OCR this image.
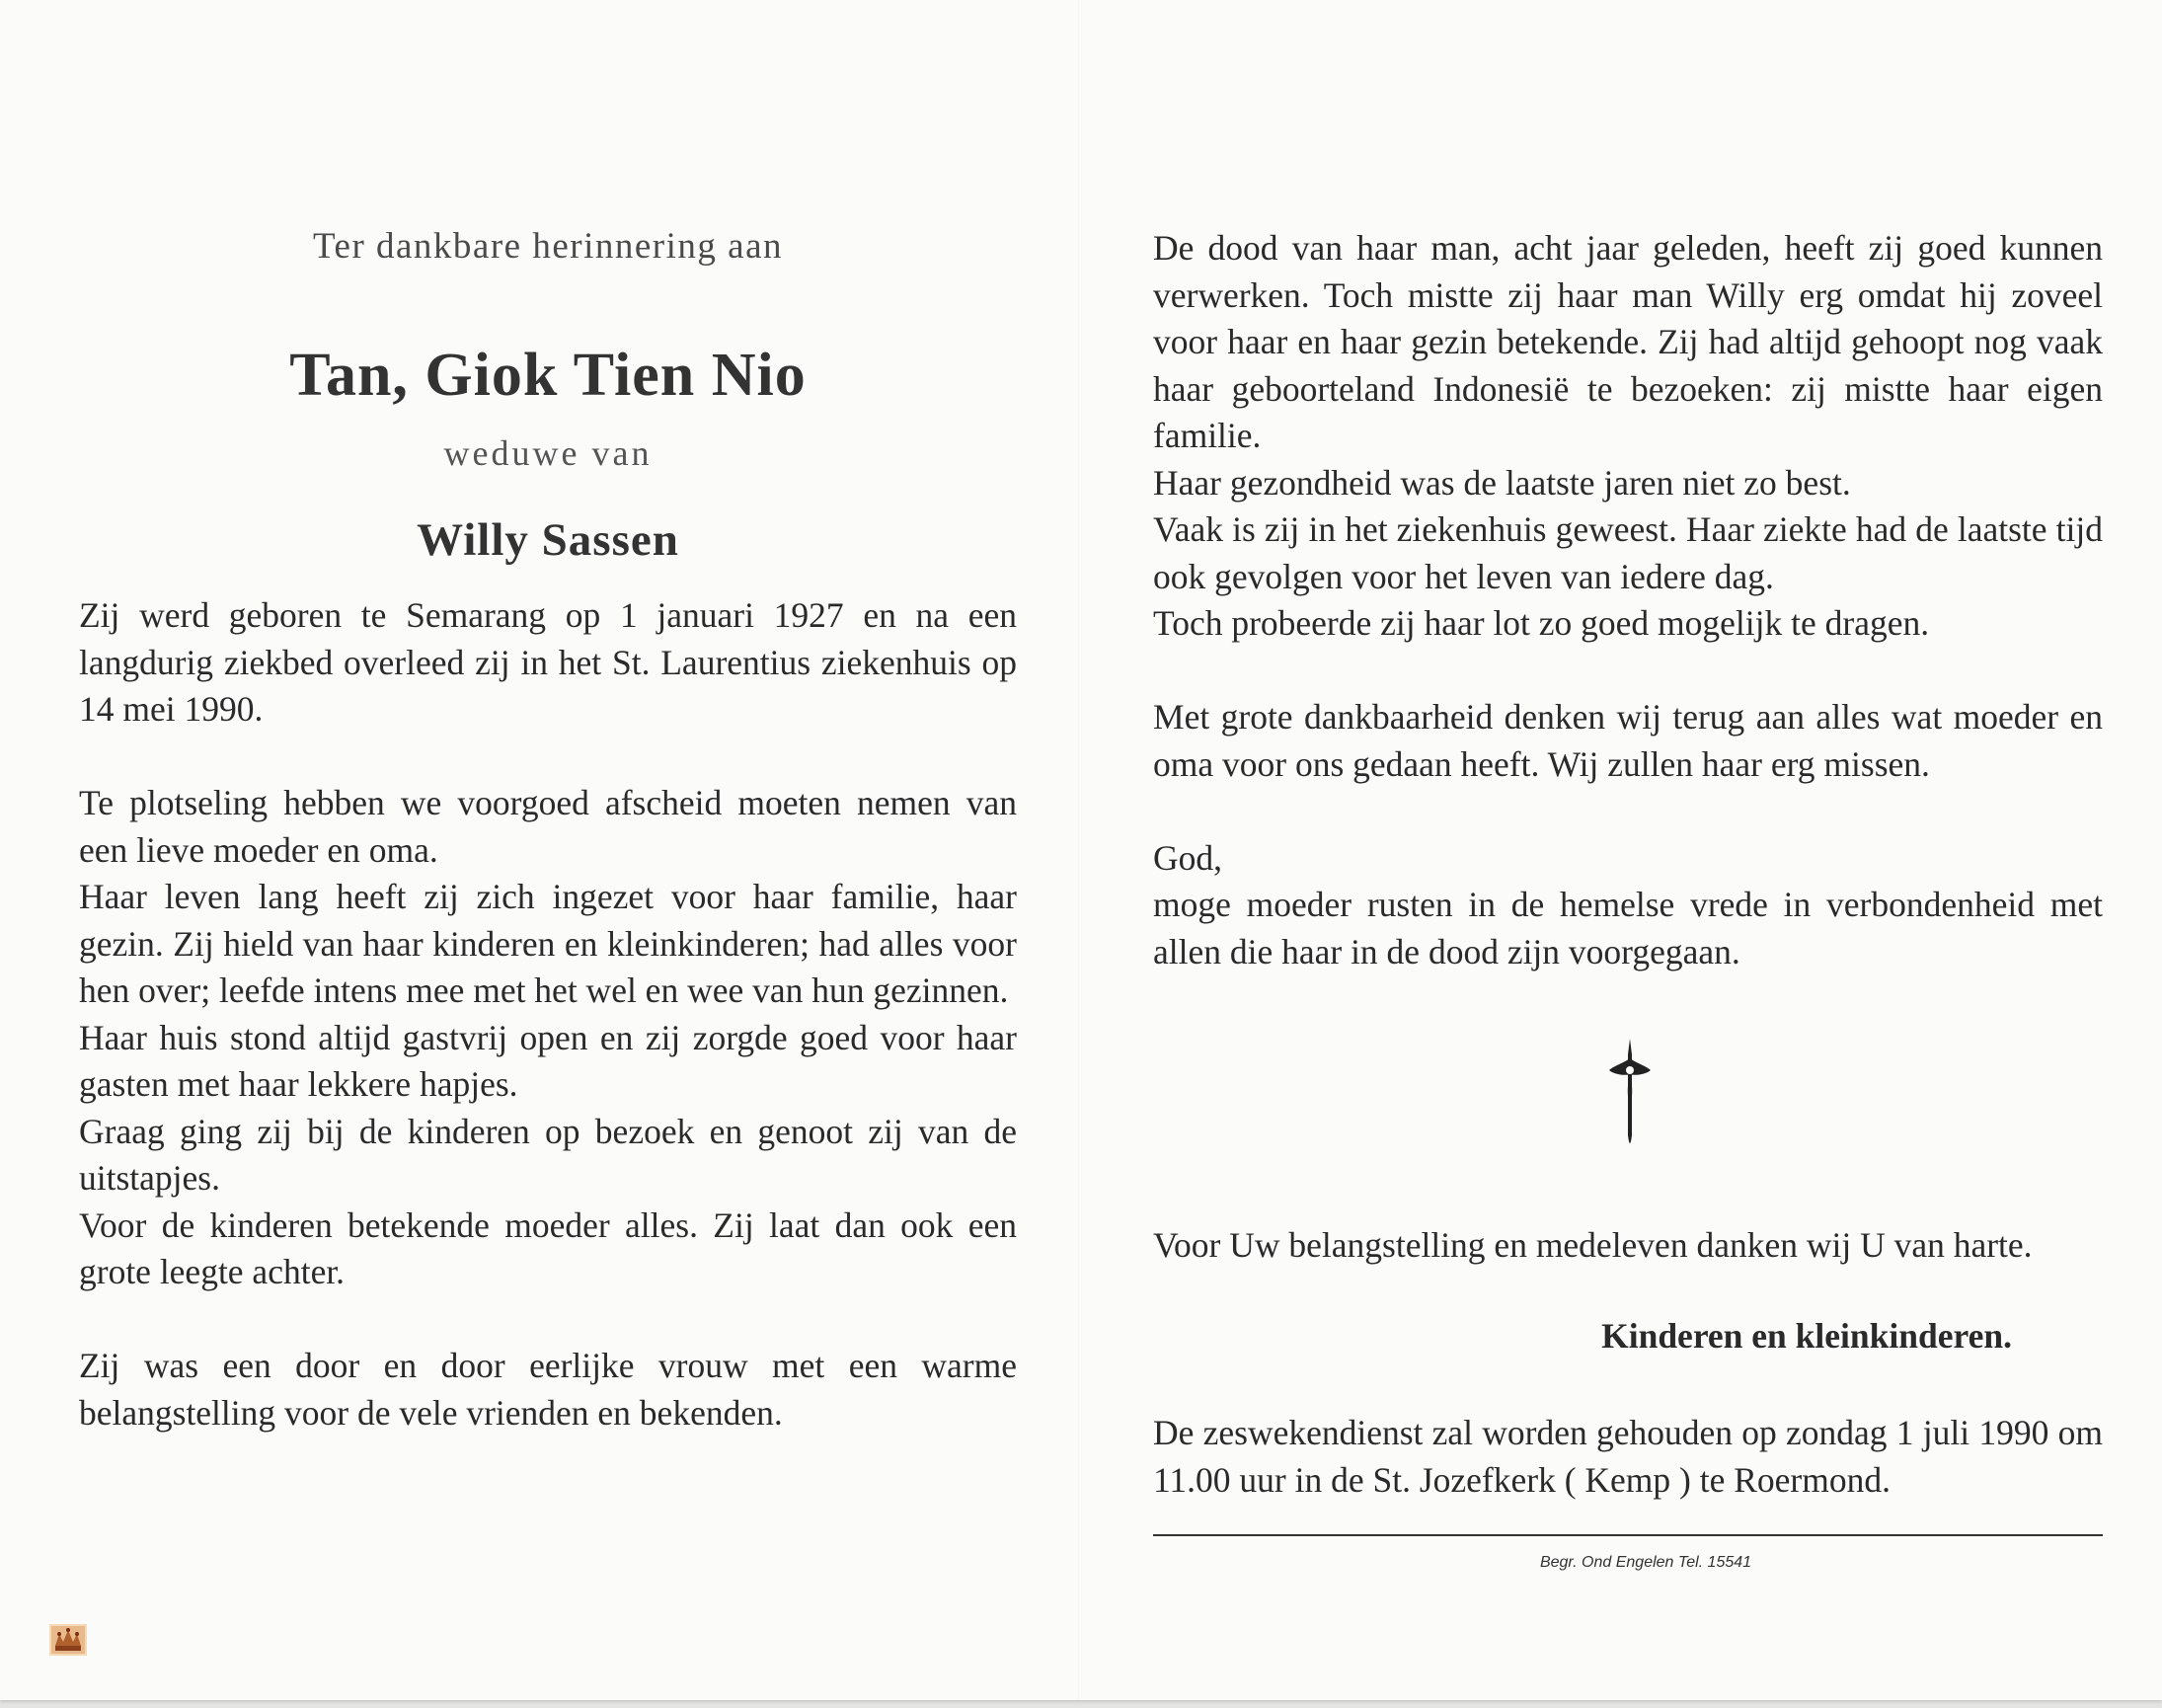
Ter dankbare herinnering aan

Tan, Giok Tien Nio

weduwe van

Willy Sassen

Zij werd geboren te Semarang op 1 januari 1927 en na een langdurig ziekbed overleed zij in het St. Laurentius ziekenhuis op 14 mei 1990.

Te plotseling hebben we voorgoed afscheid moeten nemen van een lieve moeder en oma.

Haar leven lang heeft zij zich ingezet voor haar familie, haar gezin. Zij hield van haar kinderen en kleinkinderen; had alles voor hen over; leefde intens mee met het wel en wee van hun gezinnen.

Haar huis stond altijd gastvrij open en zij zorgde goed voor haar gasten met haar lekkere hapjes.

Graag ging zij bij de kinderen op bezoek en genoot zij van de uitstapjes.

Voor de kinderen betekende moeder alles. Zij laat dan ook een grote leegte achter.

Zij was een door en door eerlijke vrouw met een warme belangstelling voor de vele vrienden en bekenden.

De dood van haar man, acht jaar geleden, heeft zij goed kunnen verwerken. Toch mistte zij haar man Willy erg omdat hij zoveel voor haar en haar gezin betekende. Zij had altijd gehoopt nog vaak haar geboorteland Indonesië te bezoeken: zij mistte haar eigen familie.

Haar gezondheid was de laatste jaren niet zo best.

Vaak is zij in het ziekenhuis geweest. Haar ziekte had de laatste tijd ook gevolgen voor het leven van iedere dag.

Toch probeerde zij haar lot zo goed mogelijk te dragen.

Met grote dankbaarheid denken wij terug aan alles wat moeder en oma voor ons gedaan heeft. Wij zullen haar erg missen.

God,

moge moeder rusten in de hemelse vrede in verbondenheid met allen die haar in de dood zijn voorgegaan.

Voor Uw belangstelling en medeleven danken wij U van harte.
Kinderen en kleinkinderen.
De zeswekendienst zal worden gehouden op zondag 1 juli 1990 om 11.00 uur in de St. Jozefkerk ( Kemp ) te Roermond.
Begr. Ond Engelen Tel. 15541
